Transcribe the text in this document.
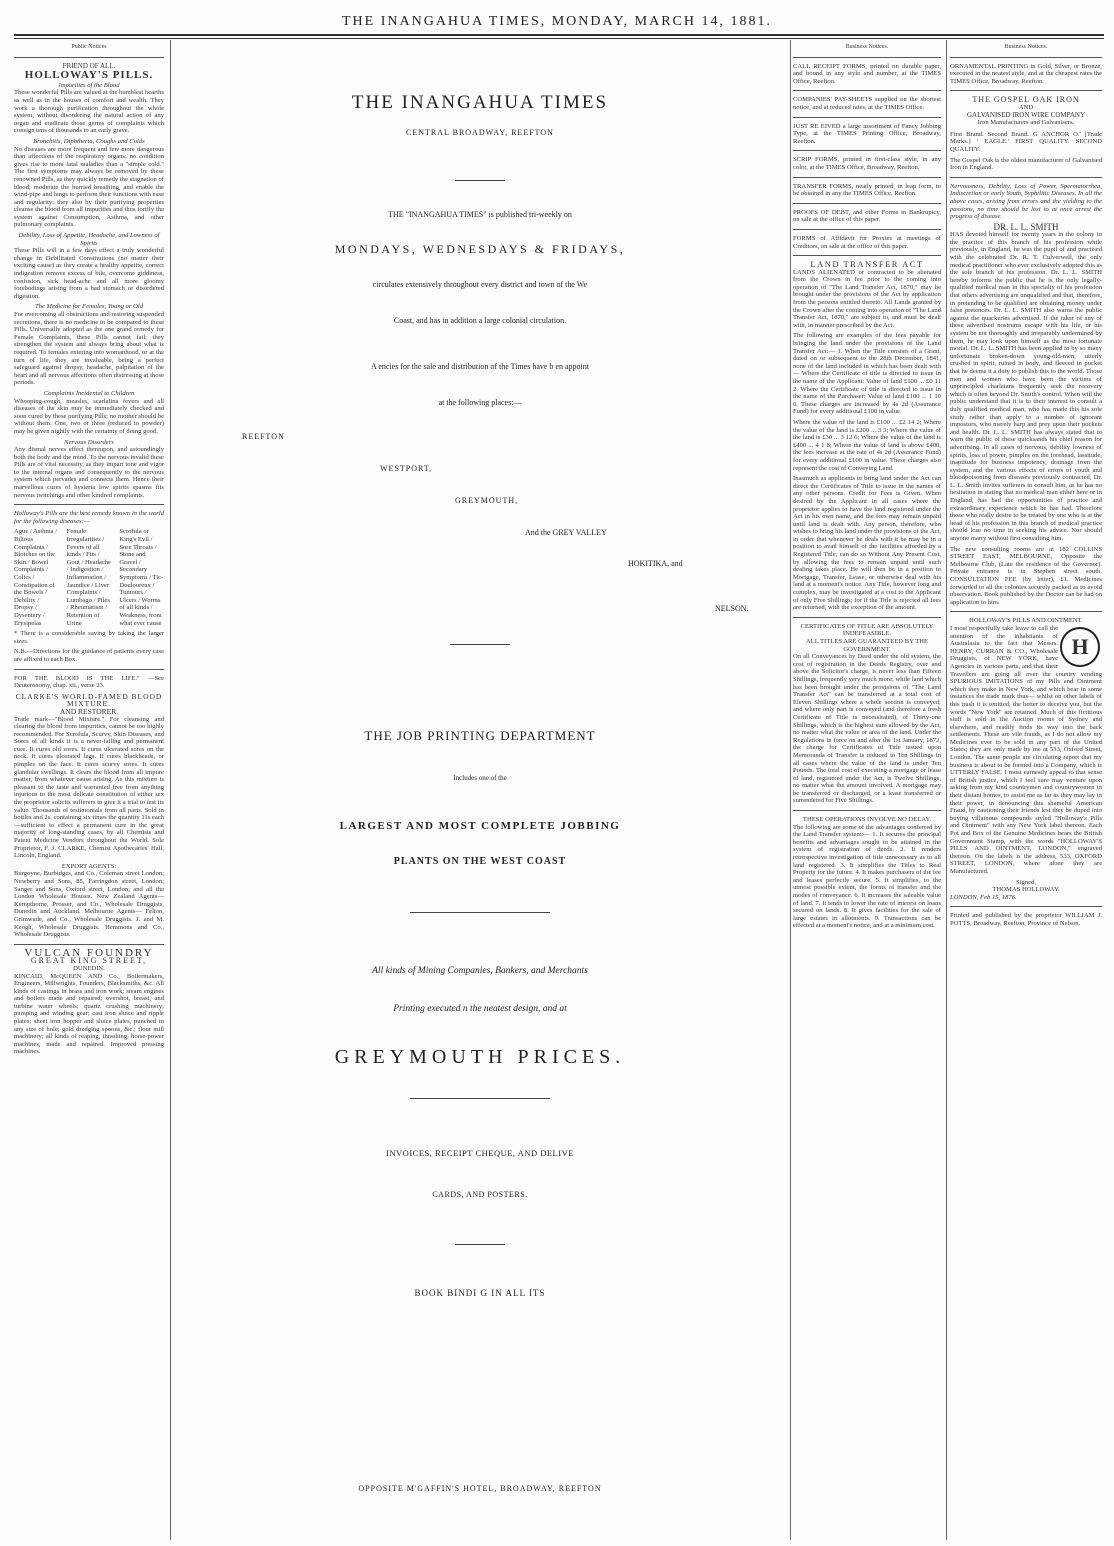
THE INANGAHUA TIMES, MONDAY, MARCH 14, 1881.
Public Notices
FRIEND OF ALL.
HOLLOWAY'S PILLS.
Impurities of the Blood

These wonderful Pills are valued at the humblest hearths as well as in the houses of comfort and wealth. They work a thorough purification throughout the whole system, without disordering the natural action of any organ and eradicate those germs of complaints which consign tens of thousands to an early grave.

Bronchitis, Diphtheria, Coughs and Colds

No diseases are more frequent and few more dangerous than affections of the respiratory organs; no condition gives rise to more fatal maladies than a "simple cold." The first symptoms may always be removed by these renowned Pills, as they quickly remedy the stagnation of blood; moderate the hurried breathing, and enable the wind-pipe and lungs to perform their functions with ease and regularity; they also by their purifying properties cleanse the blood from all impurities and thus fortify the system against Consumption, Asthma, and other pulmonary complaints.

Debility, Loss of Appetite, Headache, and Lowness of Spirits

These Pills will in a few days effect a truly wonderful change in Debilitated Constitutions (no matter their exciting cause) as they create a healthy appetite, correct indigestion remove excess of bile, overcome giddiness, confusion, sick head-ache and all more gloomy forebodings arising from a bad stomach or disordered digestion.

The Medicine for Females, Young or Old

For overcoming all obstructions and restoring suspended secretions, there is no medicine to be compared to these Pills. Universally adopted as the one grand remedy for Female Complaints, these Pills cannot fail; they strengthen the system and always bring about what is required. To females entering into womanhood, or at the turn of life, they are invaluable, being a perfect safeguard against dropsy, headache, palpitation of the heart and all nervous affections often distressing at those periods.

Complaints Incidental to Children

Whooping-cough, measles, scarlatina fevers and all diseases of the skin may be immediately checked and soon cured by these purifying Pills; no mother should be without them. One, two or three (reduced to powder) may be given nightly with the certainty of doing good.

Nervous Disorders

Any dismal nerves effect thereupon, and astoundingly both the body and the mind. To the nervous invalid these Pills are of vital necessity, as they impart tone and vigor to the internal organs and consequently to the nervous system which pervades and connects them. Hence their marvellous cures of hysteria low spirits spasms fits nervous twitchings and other kindred complaints.

Holloway's Pills are the best remedy known in the world for the following diseases:—

Ague / Asthma / Bilious Complaints / Blotches on the Skin / Bowel Complaints / Colics / Constipation of the Bowels / Debility / Dropsy / Dysentery / Erysipelas
Female Irregularities / Fevers of all kinds / Fits / Gout / Headache / Indigestion / Inflammation / Jaundice / Liver Complaints / Lumbago / Piles / Rheumatism / Retention of Urine
Scrofula or King's Evil / Sore Throats / Stone and Gravel / Secondary Symptoms / Tic-Douloureux / Tumours / Ulcers / Worms of all kinds / Weakness, from what ever cause

* There is a considerable saving by taking the larger sizes.

N.B.—Directions for the guidance of patients every case are affixed to each Box.

FOR THE BLOOD IS THE LIFE." —See Deuteronomy, chap. xii., verse 23.

CLARKE'S WORLD-FAMED BLOOD MIXTURE.
AND RESTORER.

Trade mark—"Blood Mixture." For cleansing and clearing the blood from impurities, cannot be too highly recommended. For Scrofula, Scurvy, Skin Diseases, and Sores of all kinds it is a never-failing and permanent cure. It cures old sores. It cures ulcerated sores on the neck. It cures ulcerated legs. It cures blackheads, or pimples on the face. It cures scurvy sores. It cures glandular swellings. It clears the blood from all impure matter, from whatever cause arising. As this mixture is pleasant to the taste and warranted free from anything injurious to the most delicate constitution of either sex the proprietor solicits sufferers to give it a trial to test its value. Thousands of testimonials from all parts. Sold in bottles and 2s. containing six times the quantity 11s each—sufficient to effect a permanent cure in the great majority of long-standing cases, by all Chemists and Patent Medicine Vendors throughout the World. Sole Proprietor, F. J. CLARKE, Chemist Apothecaries' Hall, Lincoln, England.

EXPORT AGENTS:

Burgoyne, Burbidges, and Co., Coleman street London; Newberry and Sons, 85, Farringdon street, London; Sanger and Sons, Oxford street, London; and all the London Wholesale Houses. New Zealand Agents— Kempthorne, Prosser, and Co., Wholesale Druggists, Dunedin and Auckland. Melbourne Agents— Felton, Grimwade, and Co., Wholesale Druggists. J. and M. Keogh, Wholesale Druggists. Hemmons and Co., Wholesale Druggists.

VULCAN FOUNDRY
GREAT KING STREET,
DUNEDIN.

KINCAID, McQUEEN AND Co., Boilermakers, Engineers, Millwrights, Founders, Blacksmiths, &c. All kinds of castings in brass and iron work; steam engines and boilers made and repaired; overshot, breast, and turbine water wheels; quartz crushing machinery; pumping and winding gear; cast iron sluice and ripple plates; sheet iron hopper and sluice plates, punched to any size of hole; gold dredging spoons, &c.; flour mill machinery; all kinds of reaping, thrashing, horse-power machines, made and repaired. Improved pressing machines.

THE INANGAHUA TIMES
CENTRAL BROADWAY, REEFTON
THE "INANGAHUA TIMES" is published tri-weekly on
MONDAYS, WEDNESDAYS & FRIDAYS,
circulates extensively throughout every district and town of the We
Coast, and has in addition a large colonial circulation.
A encies for the sale and distribution of the Times have b en appoint
at the following places:—
REEFTON
WESTPORT,
GREYMOUTH,
And the GREY VALLEY
HOKITIKA, and
NELSON.
THE JOB PRINTING DEPARTMENT
Includes one of the
LARGEST AND MOST COMPLETE JOBBING
PLANTS ON THE WEST COAST
All kinds of Mining Companies, Bankers, and Merchants
Printing executed n the neatest design, and at
GREYMOUTH PRICES.
INVOICES, RECEIPT CHEQUE, AND DELIVE
CARDS, AND POSTERS.
BOOK BINDI G IN ALL ITS
OPPOSITE M'GAFFIN'S HOTEL, BROADWAY, REEFTON
Business Notices.

CALL RECEIPT FORMS, printed on durable paper, and bound in any style and number, at the TIMES Office, Reefton.

COMPANIES' PAY-SHEETS supplied on the shortest notice, and at reduced rates, at the TIMES Office.

JUST RE EIVED a large assortment of Fancy Jobbing Type, at the TIMES Printing Office, Broadway, Reefton.

SCRIP FORMS, printed in first-class style, in any color, at the TIMES Office, Broadway, Reefton.

TRANSFER FORMS, neatly printed, in leap form, to be obtained in any the TIMES Office, Reefton.

PROOFS OF DEBT, and other Forms in Bankruptcy, on sale at the office of this paper.

FORMS of Affidavit for Proxies at meetings of Creditors, on sale at the office of this paper.

LAND TRANSFER ACT

LANDS ALIENATED or contracted to be alienated from the Crown in fee prior to the coming into operation of "The Land Transfer Act, 1870," may be brought under the provisions of the Act by application from the persons entitled thereto. All Lands granted by the Crown after the coming into operation of "The Land Transfer Act, 1870," are subject to, and must be dealt with, in manner prescribed by the Act.

The following are examples of the fees payable for bringing the land under the provisions of the Land Transfer Act:— 1. When the Title consists of a Grant, dated on or subsequent to the 28th December, 1841, none of the land included in which has been dealt with— Where the Certificate of title is directed to issue in the name of the Applicant: Value of land £100 ... £0 11 2. Where the Certificate of title is directed to issue in the name of the Purchaser: Value of land £100 ... 1 10 0. These charges are increased by 4s 2d (Assurance Fund) for every additional £100 in value.

Where the value of the land is £100 ... £2 14 2; Where the value of the land is £200 ... 3 3; Where the value of the land is £30 ... 3 12 6; Where the value of the land is £400 ... 4 1 8; Where the value of land is above £400, the fees increase at the rate of 4s 2d (Assurance Fund) for every additional £100 in value. These charges also represent the cost of Conveying Land.

Inasmuch as applicants to bring land under the Act can direct the Certificates of Title to issue in the names of any other persons. Credit for Fees is Given. When desired by the Applicant in all cases where the proprietor applies to have the land registered under the Act in his own name, and the fees may remain unpaid until land is dealt with. Any person, therefore, who wishes to bring his land under the provisions of the Act, in order that whenever he deals with it he may be in a position to avail himself of the facilities afforded by a Registered Title, can do so Without Any Present Cost, by allowing the fees to remain unpaid until such dealing takes place. He will then be in a position to Mortgage, Transfer, Lease, or otherwise deal with his land at a moment's notice. Any Title, however long and complex, may be investigated at a cost to the Applicant of only Five Shillings; for if the Title is rejected all fees are returned, with the exception of the amount.

CERTIFICATES OF TITLE ARE ABSOLUTELY INDEFEASIBLE.
ALL TITLES ARE GUARANTEED BY THE GOVERNMENT.

On all Conveyances by Deed under the old system, the cost of registration in the Deeds Registry, over and above the Solicitor's charge, is never less than Fifteen Shillings, frequently very much more; while land which has been brought under the provisions of "The Land Transfer Act" can be transferred at a total cost of Eleven Shillings where a whole section is conveyed; and where only part is conveyed (and therefore a fresh Certificate of Title is necessitated), of Thirty-one Shillings, which is the highest sum allowed by the Act, no matter what the value or area of the land. Under the Regulations in force on and after the 1st January, 1872, the charge for Certificates of Title issued upon Memoranda of Transfer is reduced to Ten Shillings in all cases where the value of the land is under Ten Pounds. The total cost of executing a mortgage or lease of land, registered under the Act, is Twelve Shillings, no matter what the amount involved. A mortgage may be transferred or discharged, or a lease transferred or surrendered for Five Shillings.

THESE OPERATIONS INVOLVE NO DELAY.

The following are some of the advantages conferred by the Land Transfer system:— 1. It secures the principal benefits and advantages sought to be attained in the system of registration of deeds. 2. It renders retrospective investigation of title unnecessary as to all land registered. 3. It simplifies the Titles to Real Property for the future. 4. It makes purchasers of the fee and leases perfectly secure. 5. It simplifies, to the utmost possible extent, the forms of transfer and the modes of conveyance. 6. It increases the saleable value of land. 7. It tends to lower the rate of interest on loans secured on lands. 8. It gives facilities for the sale of large estates in allotments. 9. Transactions can be effected at a moment's notice, and at a minimum cost.

Business Notices.

ORNAMENTAL PRINTING in Gold, Silver, or Bronze, executed in the neatest style, and at the cheapest rates the TIMES Office, Broadway, Reefton.

THE GOSPEL OAK IRON
AND
GALVANISED IRON WIRE COMPANY
Iron Manufacturers and Galvanisers.

First Brand. Second Brand. G ANCHOR O.' [Trade Marks.] ' EAGLE.' FIRST QUALITY. SECOND QUALITY.

The Gospel Oak is the oldest manufacturer of Galvanised Iron in England.

Nervousness, Debility, Loss of Power, Spermatorrhea, Indiscretion or early Youth, Syphilitic Diseases. In all the above cases, arising from errors and the yielding to the passions, no time should be lost to at once arrest the progress of disease.

DR. L. L. SMITH

HAS devoted himself for twenty years in the colony to the practice of this branch of his profession while previously, in England, he was the pupil of and practised with the celebrated Dr. R. T. Culverwell, the only medical practitioner who ever exclusively adopted this as the sole branch of his profession. Dr. L. L. SMITH hereby informs the public that he is the only legally-qualified medical man in this specialty of his profession that others advertising are unqualified and that, therefore, in pretending to be qualified are obtaining money under false pretences. Dr. L. L. SMITH also warns the public against the quackeries advertised. If the taker of any of these advertised nostrums escape with his life, or his system be not thoroughly and irreparably undermined by them, he may look upon himself as the most fortunate mortal. Dr. L. L. SMITH has been applied to by so many unfortunate broken-down young-old-men, utterly crushed in spirit, ruined in body, and fleeced in pocket that he deems it a duty to publish this to the world. Those men and women who have been the victims of unprincipled charlatans frequently seek the recovery which is often beyond Dr. Smith's control. When will the public understand that it is to their interest to consult a duly qualified medical man, who has made this his sole study rather than apply to a number of ignorant impostors, who merely harp and prey upon their pockets and health. Dr. L. L. SMITH has always stated that to warn the public of these quicksands his chief reason for advertising. In all cases of nervous, debility lowness of spirits, loss of power, pimples on the forehead, lassitude, inaptitude for business impotency, drainage from the system, and the various effects of errors of youth and bloodpoisoning from diseases previously contracted, Dr. L. L. Smith invites sufferers to consult him, as he has no hesitation in stating that no medical man either here or in England, has had the opportunities of practice and extraordinary experience which he has had. Therefore those who really desire to be treated by one who is at the head of his profession in this branch of medical practice should lose no time in seeking his advice. Nor should anyone marry without first consulting him.

The new consulting rooms are at 182 COLLINS STREET EAST, MELBOURNE, Opposite the Melbourne Club, (Late the residence of the Governor). Private entrance is in Stephen street south. CONSULTATION FEE (by letter), £1. Medicines forwarded to all the colonies securely packed as to avoid observation. Book published by the Doctor can be had on application to him.

HOLLOWAY'S PILLS AND OINTMENT.
H

I most respectfully take leave to call the attention of the inhabitants of Australasia to the fact that Messrs. HENRY, CURRAN & CO., Wholesale Druggists, of NEW YORK, have Agencies in various parts, and that their Travellers are going all over the country vending SPURIOUS IMITATIONS of my Pills and Ointment which they make in New York, and which bear in some instances the trade mark thus— whilst on other labels of this trash it is omitted, the better to deceive you, but the words "New York" are retained. Much of this fictitious stuff is sold in the Auction rooms of Sydney and elsewhere, and readily finds its way into the back settlements. These are vile frauds, as I do not allow my Medicines ever to be sold in any part of the United States; they are only made by me at 533, Oxford Street, London. The same people are circulating report that my business is about to be formed into a Company, which is UTTERLY FALSE. I most earnestly appeal to that sense of British justice, which I feel sure may venture upon asking from my kind countrymen and countrywomen in their distant homes, to assist me as far as they may lay in their power, in denouncing this shameful American Fraud, by cautioning their friends lest they be duped into buying villainous compounds styled "Holloway's Pills and Ointment" with any New York label thereon. Each Pot and Box of the Genuine Medicines bears the British Government Stamp, with the words "HOLLOWAY'S PILLS AND OINTMENT, LONDON," engraved thereon. On the labels is the address, 533, OXFORD STREET, LONDON, where alone they are Manufactured.

Signed,
THOMAS HOLLOWAY.
LONDON, Feb 15, 1876.

Printed and published by the proprietor WILLIAM J. POTTS, Broadway, Reefton, Province of Nelson.
